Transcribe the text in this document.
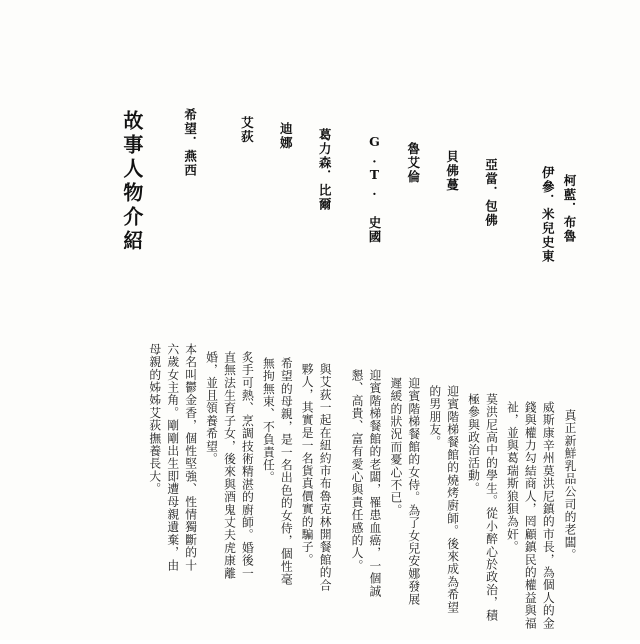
故事人物介紹	希望．燕西
本名叫鬱金香，個性堅強、性情獨斷的十六歲女主角。剛剛出生即遭母親遺棄，由母親的姊姊艾荻撫養長大。
艾荻
炙手可熱、烹調技術精湛的廚師。婚後一直無法生育子女，後來與酒鬼丈夫虎康離婚，並且領養希望。
迪娜
希望的母親，是一名出色的女侍，個性毫無拘無束、不負責任。
葛力森．比爾
與艾荻一起在紐約市布魯克林開餐館的合夥人，其實是一名貨真價實的騙子。
G.T. 史國
迎賓階梯餐館的老闆，罹患血癌，一個誠懇、高貴、富有愛心與責任感的人。
魯艾倫
迎賓階梯餐館的女侍。為了女兒安娜發展遲緩的狀況而憂心不已。
貝佛蔓
迎賓階梯餐館的燒烤廚師。後來成為希望的男朋友。
亞當．包佛
莫洪尼高中的學生。從小醉心於政治，積極參與政治活動。
伊參．米兒史東
威斯康辛州莫洪尼鎮的市長，為個人的金錢與權力勾結商人，罔顧鎮民的權益與福祉，並與葛瑞斯狼狽為奸。
柯藍．布魯
真正新鮮乳品公司的老闆。
